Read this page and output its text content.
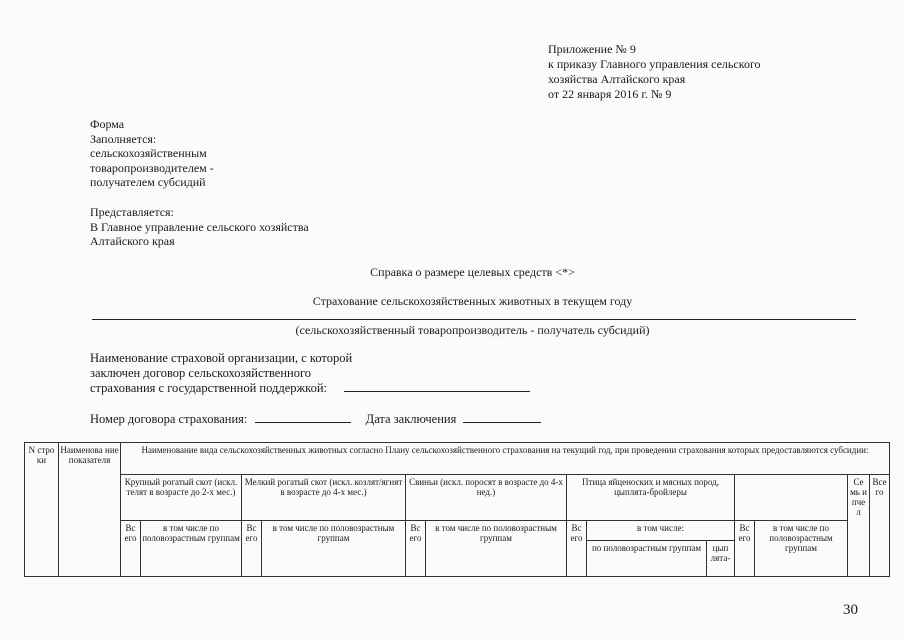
Приложение № 9
к приказу Главного управления сельского
хозяйства Алтайского края
от 22 января 2016 г. № 9
Форма
Заполняется:
сельскохозяйственным
товаропроизводителем -
получателем субсидий
Представляется:
В Главное управление сельского хозяйства
Алтайского края
Справка о размере целевых средств <*>
Страхование сельскохозяйственных животных в текущем году
(сельскохозяйственный товаропроизводитель - получатель субсидий)
Наименование страховой организации, с которой
заключен договор сельскохозяйственного
страхования с государственной поддержкой:
Номер договора страхования:	Дата заключения
N стро ки	Наименова ние показателя	Наименование вида сельскохозяйственных животных согласно Плану сельскохозяйственного страхования на текущий год, при проведении страхования которых предоставляются субсидии:												
		Крупный рогатый скот (искл. телят в возрасте до 2-х мес.)		Мелкий рогатый скот (искл. козлят/ягнят в возрасте до 4-х мес.)		Свиньи (искл. поросят в возрасте до 4-х нед.)		Птица яйценоских и мясных пород, цыплята-бройлеры					Се мь и пче л	Все го
		Вс его	в том числе по половозрастным группам	Вс его	в том числе по половозрастным группам	Вс его	в том числе по половозрастным группам	Вс его	в том числе:		Вс его	в том числе по половозрастным группам		
									по половозрастным группам	цып лята-				
30
